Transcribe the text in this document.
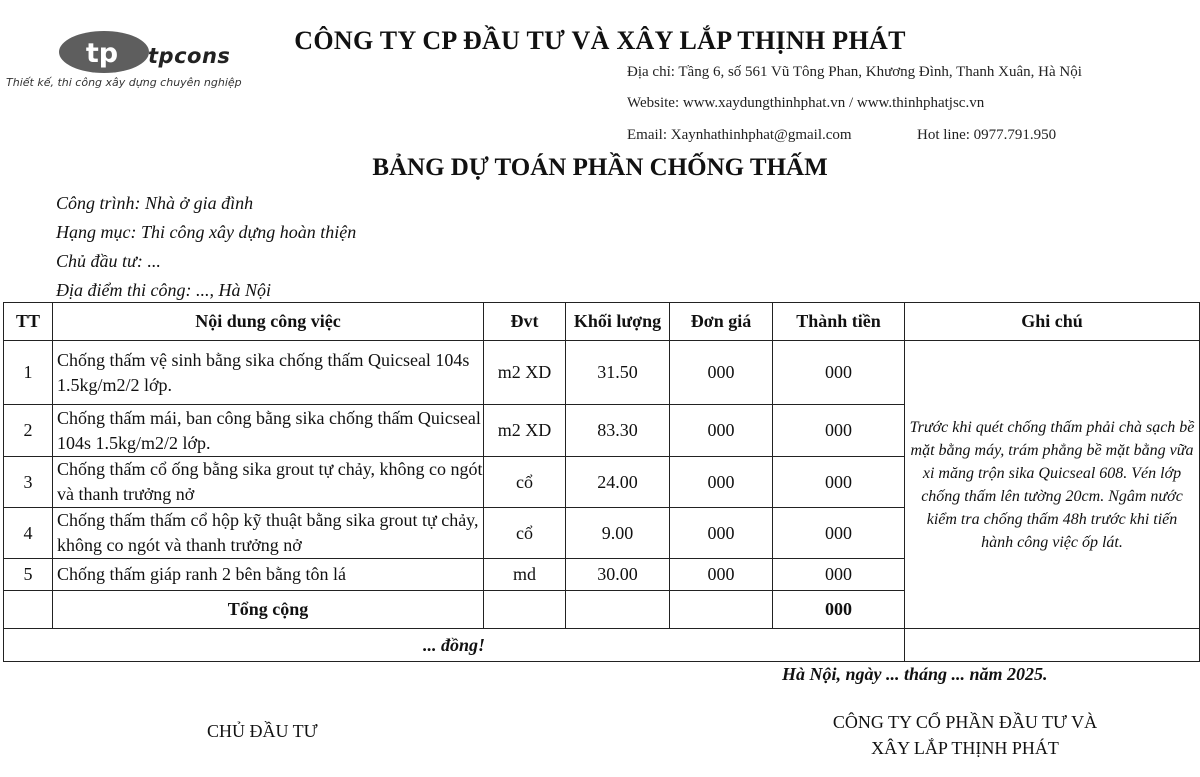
tp tpcons
Thiết kế, thi công xây dựng chuyên nghiệp
CÔNG TY CP ĐẦU TƯ VÀ XÂY LẮP THỊNH PHÁT
Địa chỉ: Tầng 6, số 561 Vũ Tông Phan, Khương Đình, Thanh Xuân, Hà Nội
Website: www.xaydungthinhphat.vn / www.thinhphatjsc.vn
Email: Xaynhathinhphat@gmail.com	Hot line: 0977.791.950
BẢNG DỰ TOÁN PHẦN CHỐNG THẤM
Công trình: Nhà ở gia đình
Hạng mục: Thi công xây dựng hoàn thiện
Chủ đầu tư: ...
Địa điểm thi công: ..., Hà Nội
TT	Nội dung công việc	Đvt	Khối lượng	Đơn giá	Thành tiền	Ghi chú
1	Chống thấm vệ sinh bằng sika chống thấm Quicseal 104s 1.5kg/m2/2 lớp.	m2 XD	31.50	000	000	Trước khi quét chống thấm phải chà sạch bề mặt bằng máy, trám phẳng bề mặt bằng vữa xi măng trộn sika Quicseal 608. Vén lớp chống thấm lên tường 20cm. Ngâm nước kiểm tra chống thấm 48h trước khi tiến hành công việc ốp lát.
2	Chống thấm mái, ban công bằng sika chống thấm Quicseal 104s 1.5kg/m2/2 lớp.	m2 XD	83.30	000	000	
3	Chống thấm cổ ống bằng sika grout tự chảy, không co ngót và thanh trưởng nở	cổ	24.00	000	000	
4	Chống thấm thấm cổ hộp kỹ thuật bằng sika grout tự chảy, không co ngót và thanh trưởng nở	cổ	9.00	000	000	
5	Chống thấm giáp ranh 2 bên bằng tôn lá	md	30.00	000	000	
	Tổng cộng				000	
... đồng!						
Hà Nội, ngày ... tháng ... năm 2025.
CHỦ ĐẦU TƯ	CÔNG TY CỔ PHẦN ĐẦU TƯ VÀ
XÂY LẮP THỊNH PHÁT
